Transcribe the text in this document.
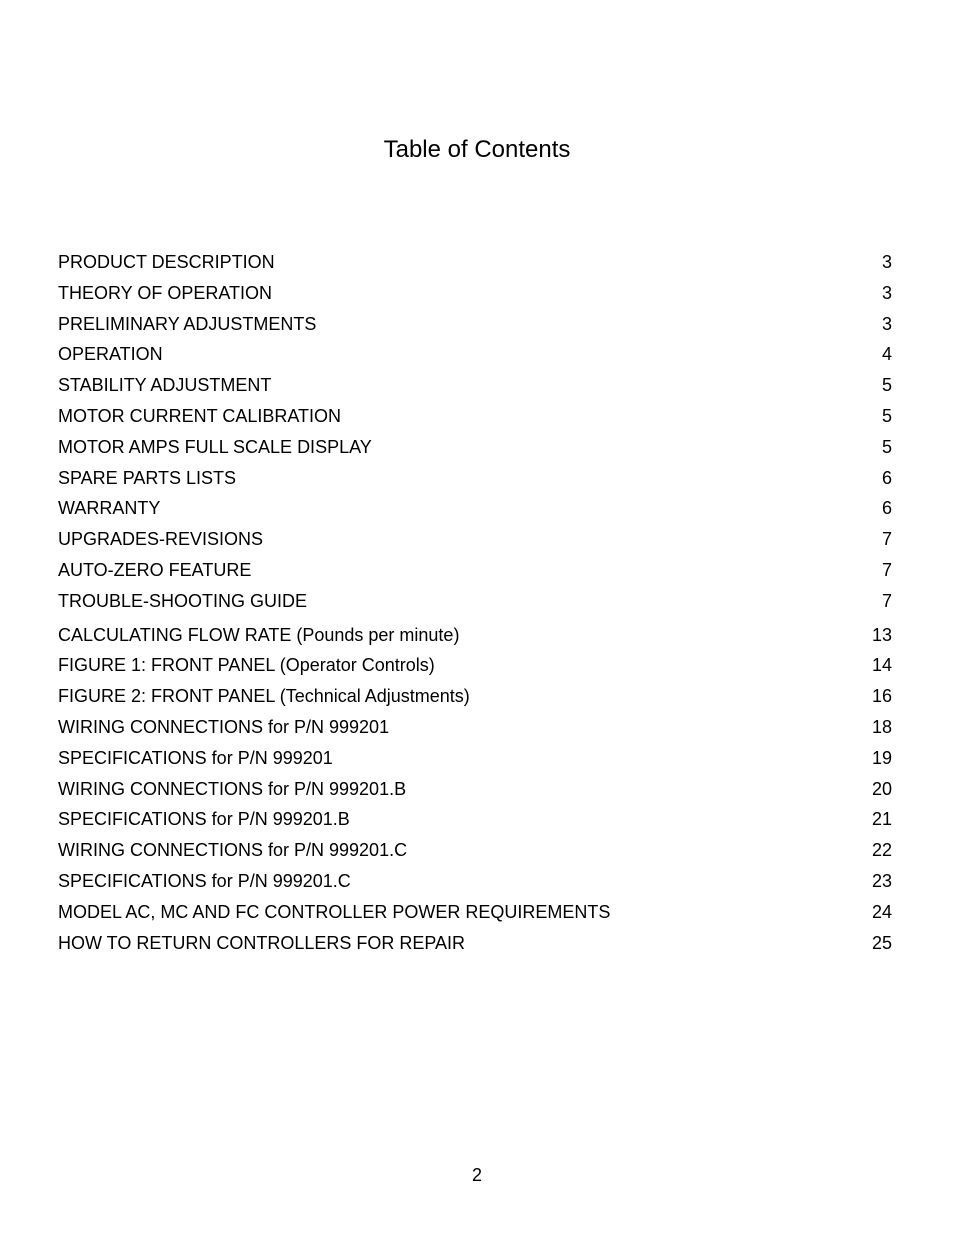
Table of Contents
PRODUCT DESCRIPTION	3
THEORY OF OPERATION	3
PRELIMINARY ADJUSTMENTS	3
OPERATION	4
STABILITY ADJUSTMENT	5
MOTOR CURRENT CALIBRATION	5
MOTOR AMPS FULL SCALE DISPLAY	5
SPARE PARTS LISTS	6
WARRANTY	6
UPGRADES-REVISIONS	7
AUTO-ZERO FEATURE	7
TROUBLE-SHOOTING GUIDE	7
CALCULATING FLOW RATE (Pounds per minute)	13
FIGURE 1: FRONT PANEL (Operator Controls)	14
FIGURE 2: FRONT PANEL (Technical Adjustments)	16
WIRING CONNECTIONS for P/N 999201	18
SPECIFICATIONS for P/N 999201	19
WIRING CONNECTIONS for P/N 999201.B	20
SPECIFICATIONS for P/N 999201.B	21
WIRING CONNECTIONS for P/N 999201.C	22
SPECIFICATIONS for P/N 999201.C	23
MODEL AC, MC AND FC CONTROLLER POWER REQUIREMENTS	24
HOW TO RETURN CONTROLLERS FOR REPAIR	25
2
